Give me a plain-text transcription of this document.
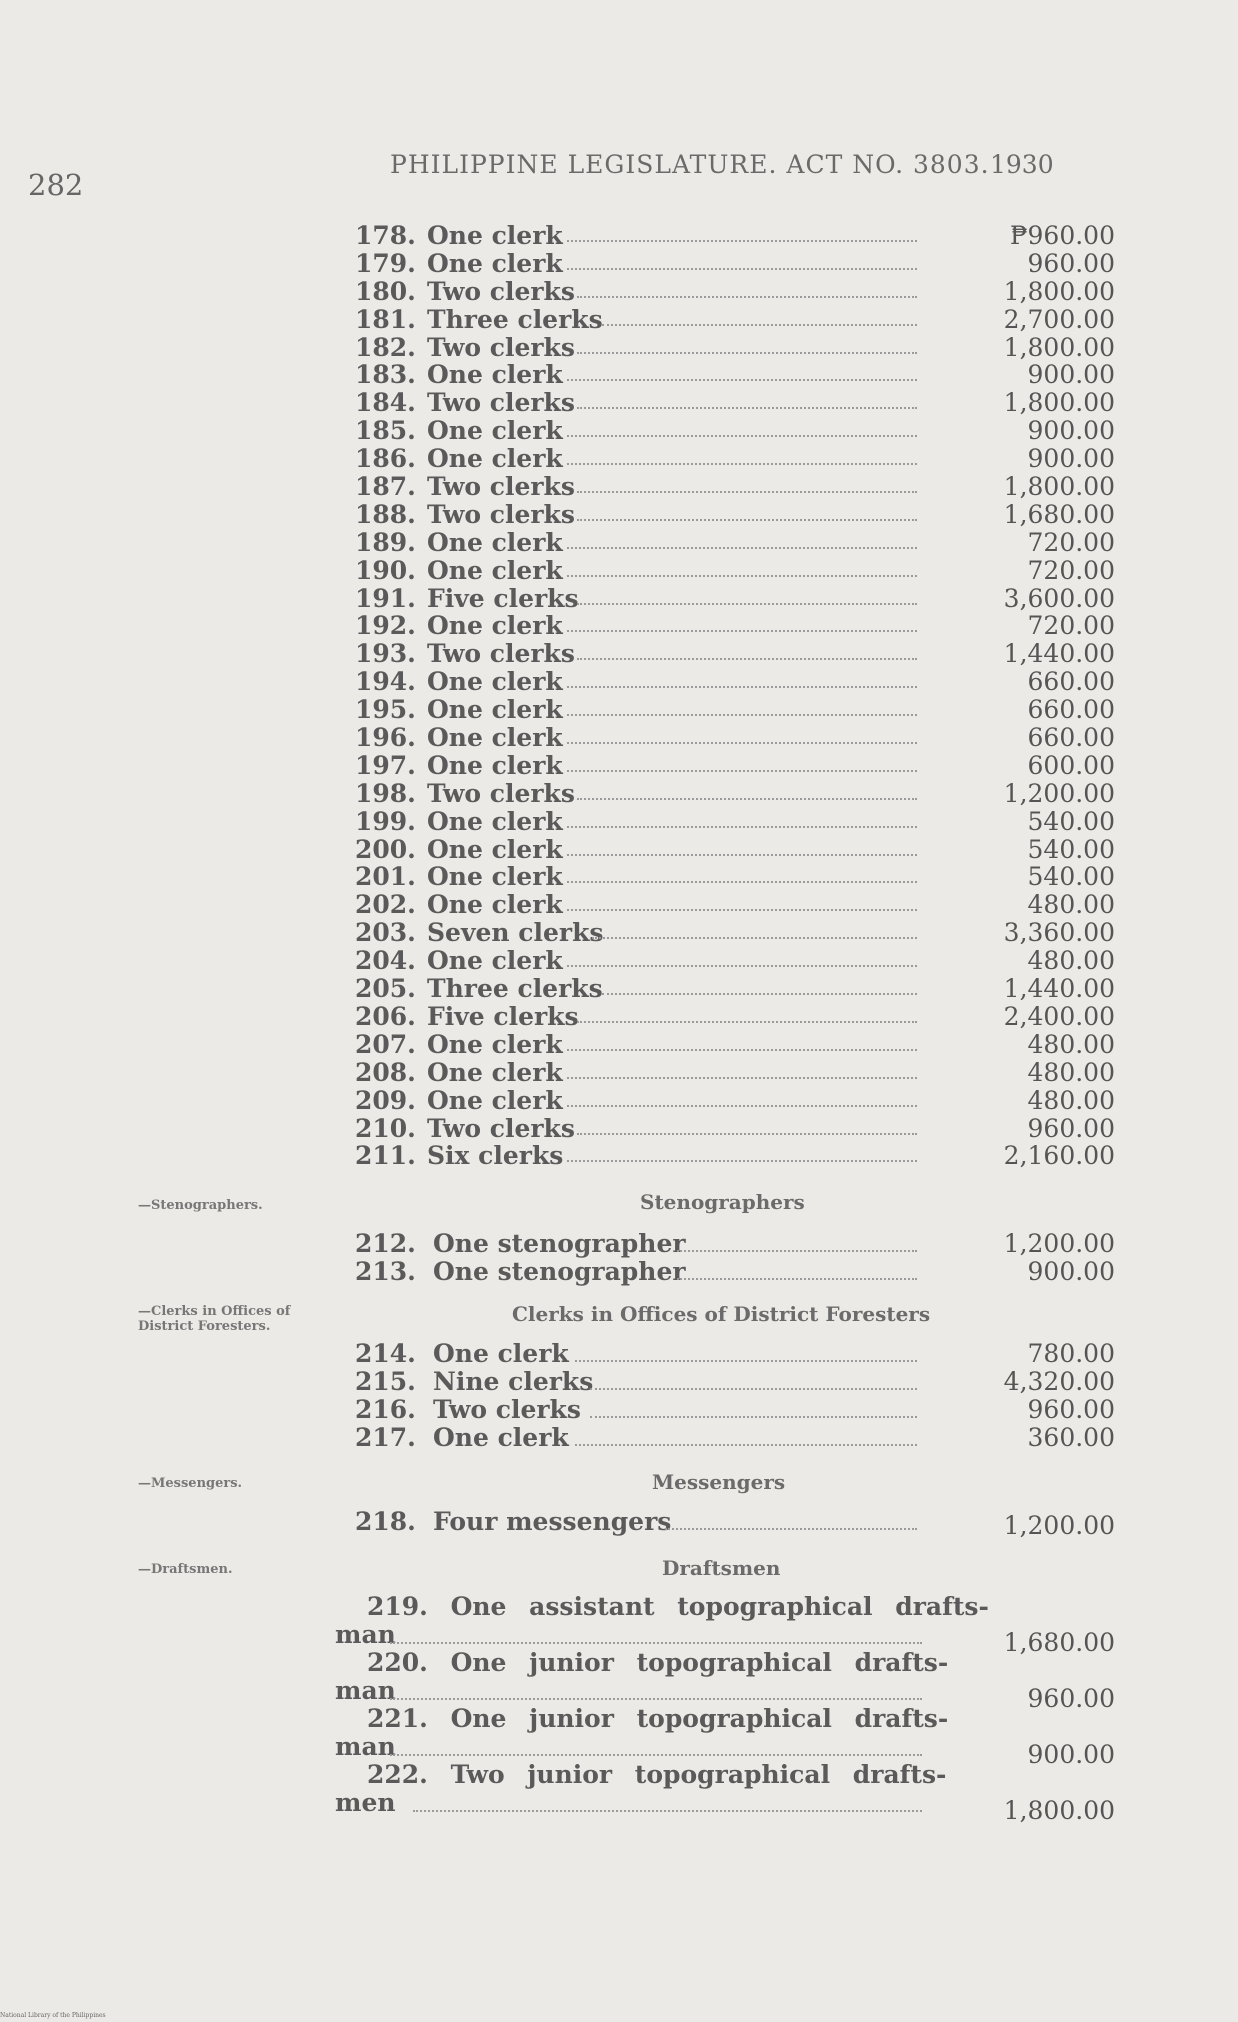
282
PHILIPPINE LEGISLATURE. ACT NO. 3803. 1930
178. One clerk	₱960.00
179. One clerk	960.00
180. Two clerks	1,800.00
181. Three clerks	2,700.00
182. Two clerks	1,800.00
183. One clerk	900.00
184. Two clerks	1,800.00
185. One clerk	900.00
186. One clerk	900.00
187. Two clerks	1,800.00
188. Two clerks	1,680.00
189. One clerk	720.00
190. One clerk	720.00
191. Five clerks	3,600.00
192. One clerk	720.00
193. Two clerks	1,440.00
194. One clerk	660.00
195. One clerk	660.00
196. One clerk	660.00
197. One clerk	600.00
198. Two clerks	1,200.00
199. One clerk	540.00
200. One clerk	540.00
201. One clerk	540.00
202. One clerk	480.00
203. Seven clerks	3,360.00
204. One clerk	480.00
205. Three clerks	1,440.00
206. Five clerks	2,400.00
207. One clerk	480.00
208. One clerk	480.00
209. One clerk	480.00
210. Two clerks	960.00
211. Six clerks	2,160.00
—Stenographers.	Stenographers
212. One stenographer	1,200.00
213. One stenographer	900.00
—Clerks in Offices of
District Foresters.
Clerks in Offices of District Foresters
214. One clerk	780.00
215. Nine clerks	4,320.00
216. Two clerks	960.00
217. One clerk	360.00
—Messengers.	Messengers
218. Four messengers	1,200.00
—Draftsmen.	Draftsmen
219. One assistant topographical drafts-
man	1,680.00
220. One junior topographical drafts-
man	960.00
221. One junior topographical drafts-
man	900.00
222. Two junior topographical drafts-
men	1,800.00
National Library of the Philippines
